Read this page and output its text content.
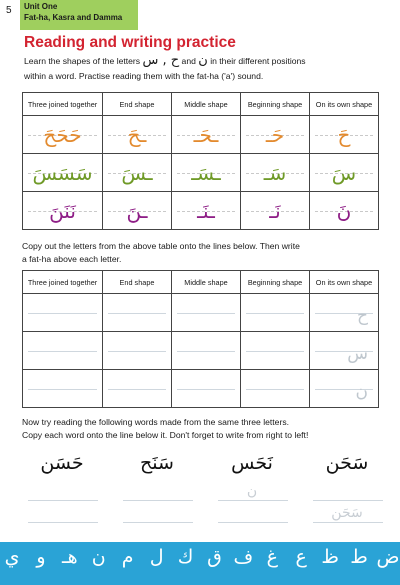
5 Unit One
Fat-ha, Kasra and Damma
Reading and writing practice
Learn the shapes of the letters ح , س and ن in their different positions
within a word. Practise reading them with the fat-ha ('a') sound.
Three joined together	End shape	Middle shape	Beginning shape	On its own shape

حَحَحَ	ـحَ	ـحَـ	حَـ	حَ

سَسَسَ	ـسَ	ـسَـ	سَـ	سَ

نَنَنَ	ـنَ	ـنَـ	نَـ	نَ
Copy out the letters from the above table onto the lines below. Then write
a fat-ha above each letter.
Three joined together	End shape	Middle shape	Beginning shape	On its own shape

				ح

				س

				ن
Now try reading the following words made from the same three letters.
Copy each word onto the line below it. Don't forget to write from right to left!
حَسَن	سَنَح	نَحَس	سَحَن
ن
سَحَن
ض
ط
ظ
ع
غ
ف
ق
ك
ل
م
ن
هـ
و
ي
